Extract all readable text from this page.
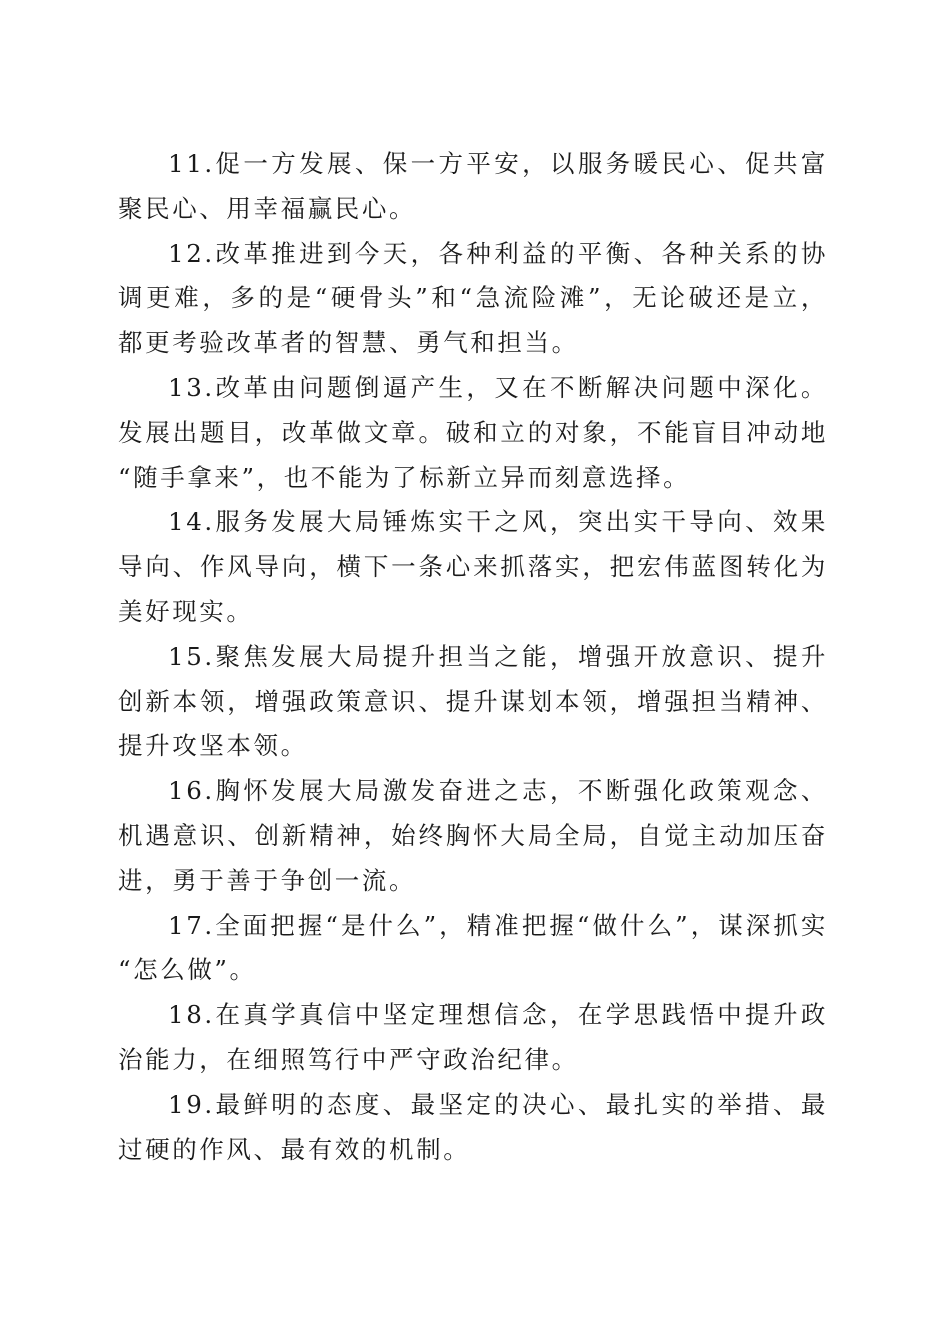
11.促一方发展、保一方平安，以服务暖民心、促共富聚民心、用幸福赢民心。

12.改革推进到今天，各种利益的平衡、各种关系的协调更难，多的是“硬骨头”和“急流险滩”，无论破还是立，都更考验改革者的智慧、勇气和担当。

13.改革由问题倒逼产生，又在不断解决问题中深化。发展出题目，改革做文章。破和立的对象，不能盲目冲动地“随手拿来”，也不能为了标新立异而刻意选择。

14.服务发展大局锤炼实干之风，突出实干导向、效果导向、作风导向，横下一条心来抓落实，把宏伟蓝图转化为美好现实。

15.聚焦发展大局提升担当之能，增强开放意识、提升创新本领，增强政策意识、提升谋划本领，增强担当精神、提升攻坚本领。

16.胸怀发展大局激发奋进之志，不断强化政策观念、机遇意识、创新精神，始终胸怀大局全局，自觉主动加压奋进，勇于善于争创一流。

17.全面把握“是什么”，精准把握“做什么”，谋深抓实“怎么做”。

18.在真学真信中坚定理想信念，在学思践悟中提升政治能力，在细照笃行中严守政治纪律。

19.最鲜明的态度、最坚定的决心、最扎实的举措、最过硬的作风、最有效的机制。
